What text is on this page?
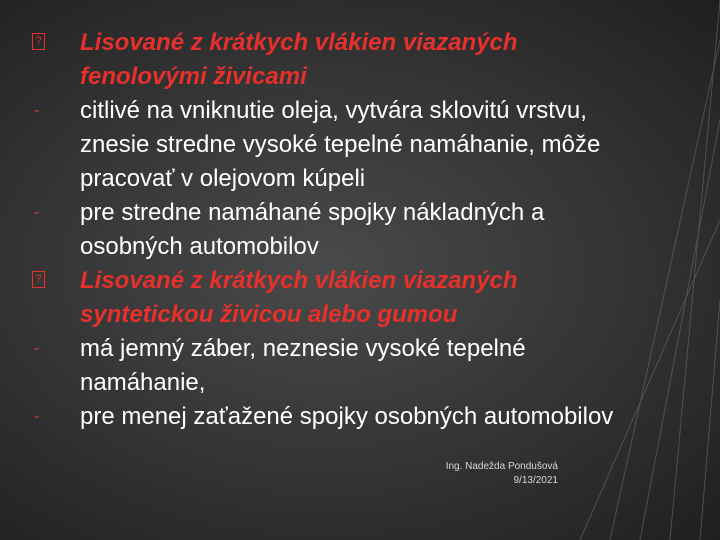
?	Lisované z krátkych vlákien viazaných fenolovými živicami
-	citlivé na vniknutie oleja, vytvára sklovitú vrstvu, znesie stredne vysoké tepelné namáhanie, môže pracovať v olejovom kúpeli
-	pre stredne namáhané spojky nákladných a osobných automobilov
?	Lisované z krátkych vlákien viazaných syntetickou živicou alebo gumou
-	má jemný záber, neznesie vysoké tepelné namáhanie,
-	pre menej zaťažené spojky osobných automobilov
Ing. Nadežda Pondušová
9/13/2021
